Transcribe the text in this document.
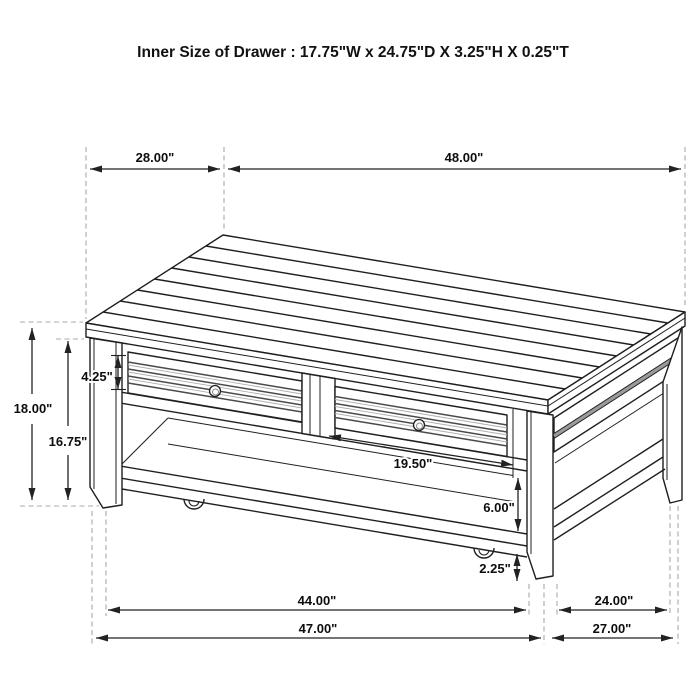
Inner Size of Drawer : 17.75"W x 24.75"D X 3.25"H X 0.25"T
28.00"	48.00"
18.00"
16.75"
4.25"
19.50"
6.00"
2.25"
44.00"	24.00"
47.00"	27.00"
